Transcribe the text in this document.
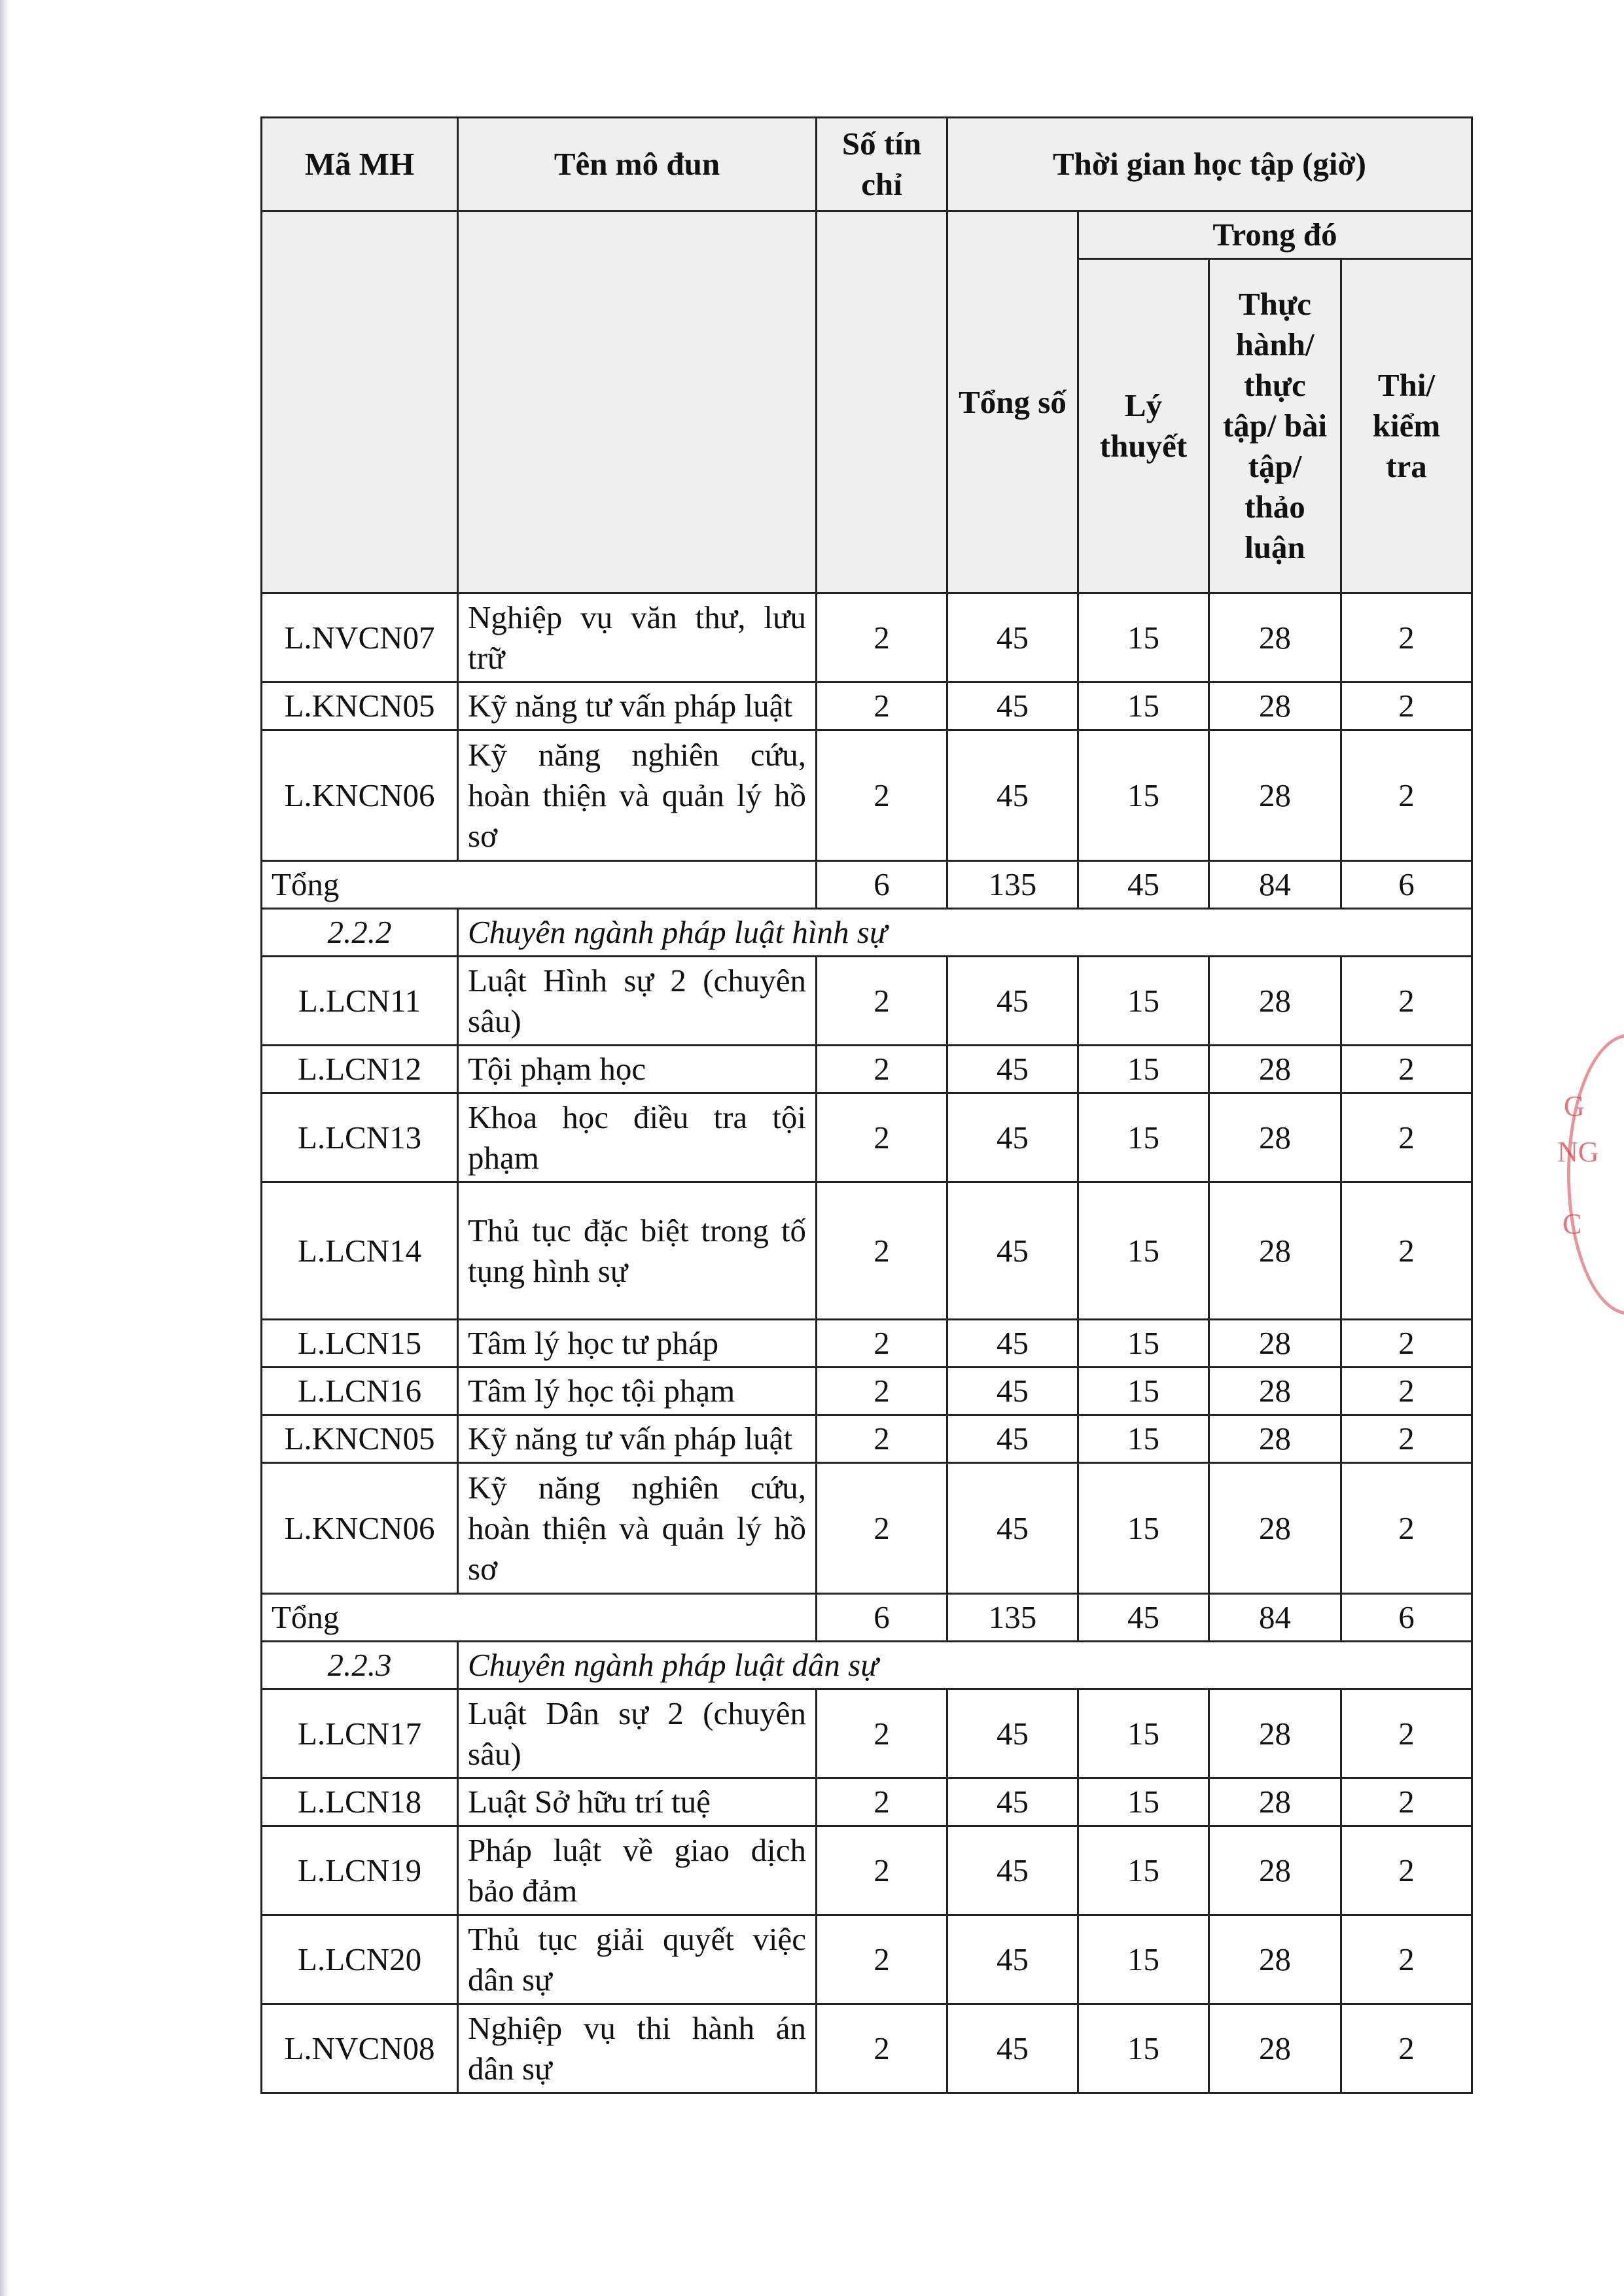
Mã MH	Tên mô đun	Số tín chỉ	Thời gian học tập (giờ)			
			Tổng số	Trong đó		
				Lý thuyết	Thực hành/ thực tập/ bài tập/ thảo luận	Thi/ kiểm tra
L.NVCN07	Nghiệp vụ văn thư, lưu trữ	2	45	15	28	2
L.KNCN05	Kỹ năng tư vấn pháp luật	2	45	15	28	2
L.KNCN06	Kỹ năng nghiên cứu, hoàn thiện và quản lý hồ sơ	2	45	15	28	2
Tổng		6	135	45	84	6
2.2.2	Chuyên ngành pháp luật hình sự					
L.LCN11	Luật Hình sự 2 (chuyên sâu)	2	45	15	28	2
L.LCN12	Tội phạm học	2	45	15	28	2
L.LCN13	Khoa học điều tra tội phạm	2	45	15	28	2
L.LCN14	Thủ tục đặc biệt trong tố tụng hình sự	2	45	15	28	2
L.LCN15	Tâm lý học tư pháp	2	45	15	28	2
L.LCN16	Tâm lý học tội phạm	2	45	15	28	2
L.KNCN05	Kỹ năng tư vấn pháp luật	2	45	15	28	2
L.KNCN06	Kỹ năng nghiên cứu, hoàn thiện và quản lý hồ sơ	2	45	15	28	2
Tổng		6	135	45	84	6
2.2.3	Chuyên ngành pháp luật dân sự					
L.LCN17	Luật Dân sự 2 (chuyên sâu)	2	45	15	28	2
L.LCN18	Luật Sở hữu trí tuệ	2	45	15	28	2
L.LCN19	Pháp luật về giao dịch bảo đảm	2	45	15	28	2
L.LCN20	Thủ tục giải quyết việc dân sự	2	45	15	28	2
L.NVCN08	Nghiệp vụ thi hành án dân sự	2	45	15	28	2
G
NG
C
